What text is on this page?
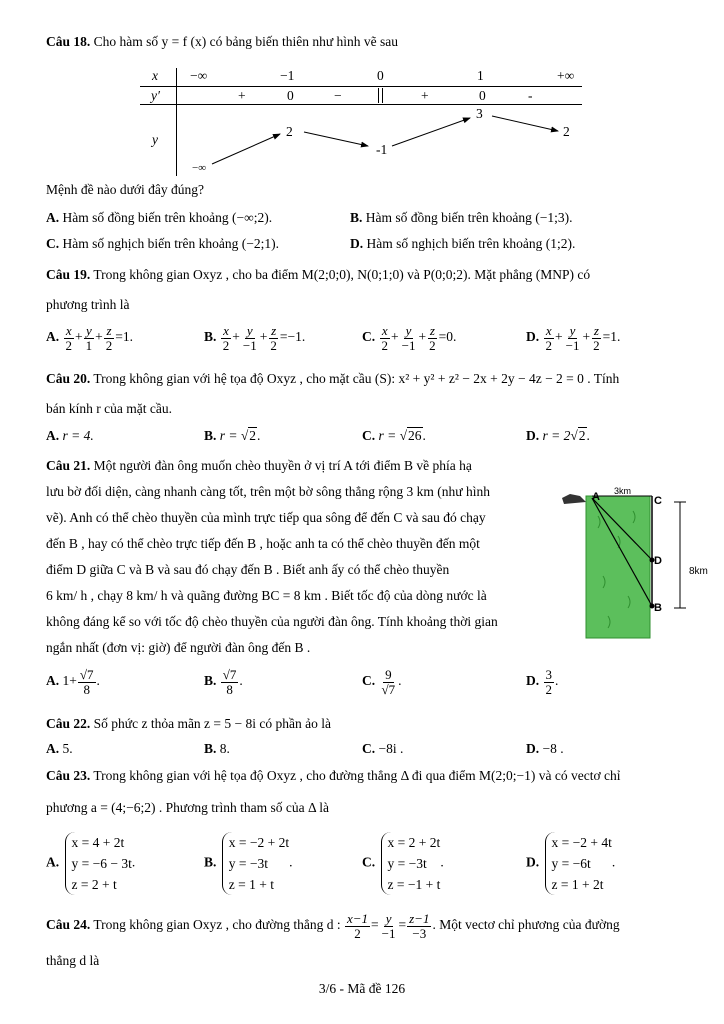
Câu 18. Cho hàm số y = f (x) có bảng biến thiên như hình vẽ sau
x −∞	−1	0	1	+∞
y′	+	0	−	+	0	-
y
−∞
2
-1
3
2
Mệnh đề nào dưới đây đúng?
A. Hàm số đồng biến trên khoảng (−∞;2).	B. Hàm số đồng biến trên khoảng (−1;3).
C. Hàm số nghịch biến trên khoảng (−2;1).	D. Hàm số nghịch biến trên khoảng (1;2).
Câu 19. Trong không gian Oxyz , cho ba điểm M(2;0;0), N(0;1;0) và P(0;0;2). Mặt phẳng (MNP) có
phương trình là
A. $\frac{x}{2} + \frac{y}{1} + \frac{z}{2} =1$.	B. $\frac{x}{2} + \frac{y}{-1} + \frac{z}{2} =-1$.	C. $\frac{x}{2} + \frac{y}{-1} + \frac{z}{2} =0$.	D. $\frac{x}{2} + \frac{y}{-1} + \frac{z}{2} =1$.
Câu 20. Trong không gian với hệ tọa độ Oxyz , cho mặt cầu (S): x² + y² + z² − 2x + 2y − 4z − 2 = 0 . Tính
bán kính r của mặt cầu.
A. r = 4.	B. r = √2.	C. r = √26.	D. r = 2√2.
Câu 21. Một người đàn ông muốn chèo thuyền ở vị trí A tới điểm B về phía hạ
lưu bờ đối diện, càng nhanh càng tốt, trên một bờ sông thẳng rộng 3 km (như hình
vẽ). Anh có thể chèo thuyền của mình trực tiếp qua sông để đến C và sau đó chạy
đến B , hay có thể chèo trực tiếp đến B , hoặc anh ta có thể chèo thuyền đến một
điểm D giữa C và B và sau đó chạy đến B . Biết anh ấy có thể chèo thuyền
6 km/ h , chạy 8 km/ h và quãng đường BC = 8 km . Biết tốc độ của dòng nước là
không đáng kể so với tốc độ chèo thuyền của người đàn ông. Tính khoảng thời gian
ngắn nhất (đơn vị: giờ) để người đàn ông đến B .
A	C
D
B
3km
8km
A. $1+ \frac{√7}{8}$ .	B. $\frac{√7}{8}$ .	C. $\frac{9}{√7}$ .	D. $\frac{3}{2}$ .
Câu 22. Số phức z thỏa mãn z = 5 − 8i có phần ảo là
A. 5.	B. 8.	C. −8i .	D. −8 .
Câu 23. Trong không gian với hệ tọa độ Oxyz , cho đường thẳng Δ đi qua điểm M(2;0;−1) và có vectơ chỉ
phương a = (4;−6;2) . Phương trình tham số của Δ là
A. x = 4 + 2t
y = −6 − 3t
z = 2 + t.	B. x = −2 + 2t
y = −3t
z = 1 + t.	C. x = 2 + 2t
y = −3t
z = −1 + t.	D. x = −2 + 4t
y = −6t
z = 1 + 2t.
Câu 24. Trong không gian Oxyz , cho đường thẳng d : $\frac{x-1}{2} = \frac{y}{-1} = \frac{z-1}{-3}$ . Một vectơ chỉ phương của đường
thẳng d là
3/6 - Mã đề 126
